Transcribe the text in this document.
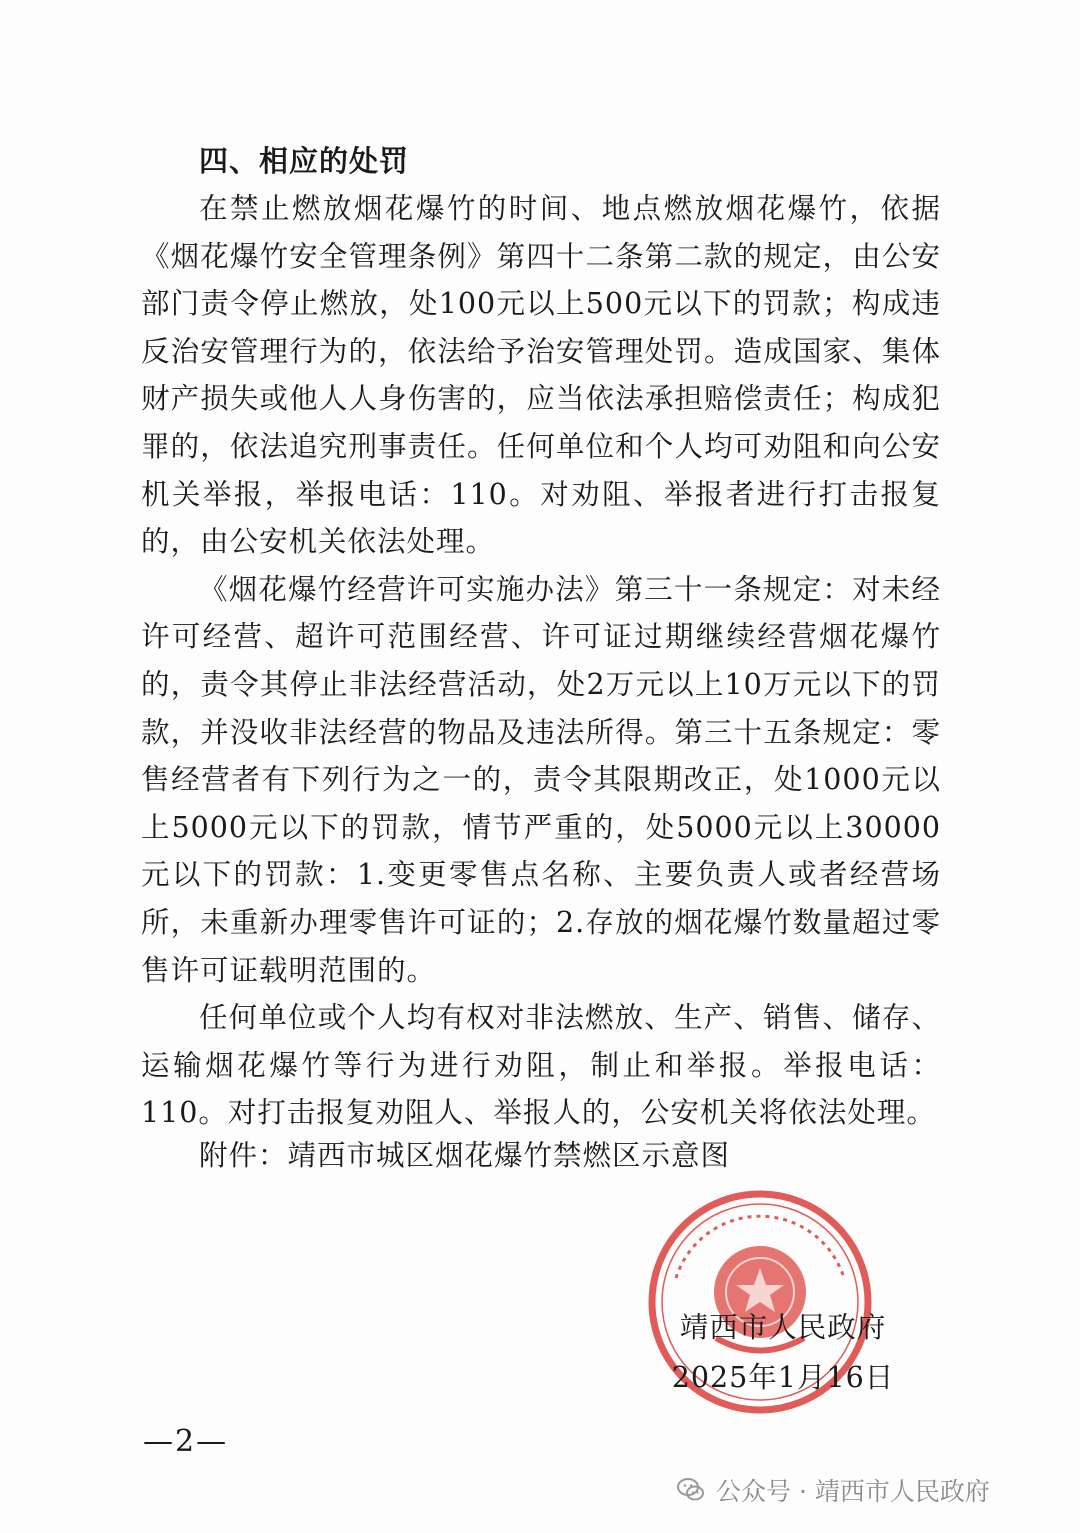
四、相应的处罚

在禁止燃放烟花爆竹的时间、地点燃放烟花爆竹，依据《烟花爆竹安全管理条例》第四十二条第二款的规定，由公安部门责令停止燃放，处100元以上500元以下的罚款；构成违反治安管理行为的，依法给予治安管理处罚。造成国家、集体财产损失或他人人身伤害的，应当依法承担赔偿责任；构成犯罪的，依法追究刑事责任。任何单位和个人均可劝阻和向公安机关举报，举报电话：110。对劝阻、举报者进行打击报复的，由公安机关依法处理。

《烟花爆竹经营许可实施办法》第三十一条规定：对未经许可经营、超许可范围经营、许可证过期继续经营烟花爆竹的，责令其停止非法经营活动，处2万元以上10万元以下的罚款，并没收非法经营的物品及违法所得。第三十五条规定：零售经营者有下列行为之一的，责令其限期改正，处1000元以上5000元以下的罚款，情节严重的，处5000元以上30000元以下的罚款：1.变更零售点名称、主要负责人或者经营场所，未重新办理零售许可证的；2.存放的烟花爆竹数量超过零售许可证载明范围的。

任何单位或个人均有权对非法燃放、生产、销售、储存、运输烟花爆竹等行为进行劝阻，制止和举报。举报电话：110。对打击报复劝阻人、举报人的，公安机关将依法处理。

附件：靖西市城区烟花爆竹禁燃区示意图
靖西市人民政府
2025年1月16日
—2—
公众号 · 靖西市人民政府
